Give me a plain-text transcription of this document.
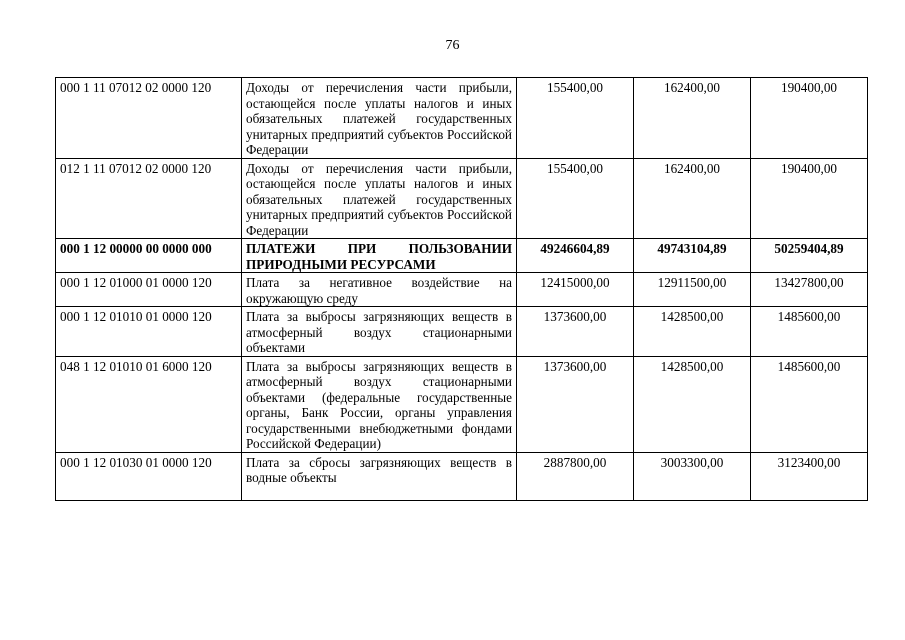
76
000 1 11 07012 02 0000 120	Доходы от перечисления части прибыли, остающейся после уплаты налогов и иных обязательных платежей государственных унитарных предприятий субъектов Российской Федерации	155400,00	162400,00	190400,00
012 1 11 07012 02 0000 120	Доходы от перечисления части прибыли, остающейся после уплаты налогов и иных обязательных платежей государственных унитарных предприятий субъектов Российской Федерации	155400,00	162400,00	190400,00
000 1 12 00000 00 0000 000	ПЛАТЕЖИ ПРИ ПОЛЬЗОВАНИИ ПРИРОДНЫМИ РЕСУРСАМИ	49246604,89	49743104,89	50259404,89
000 1 12 01000 01 0000 120	Плата за негативное воздействие на окружающую среду	12415000,00	12911500,00	13427800,00
000 1 12 01010 01 0000 120	Плата за выбросы загрязняющих веществ в атмосферный воздух стационарными объектами	1373600,00	1428500,00	1485600,00
048 1 12 01010 01 6000 120	Плата за выбросы загрязняющих веществ в атмосферный воздух стационарными объектами (федеральные государственные органы, Банк России, органы управления государственными внебюджетными фондами Российской Федерации)	1373600,00	1428500,00	1485600,00
000 1 12 01030 01 0000 120	Плата за сбросы загрязняющих веществ в водные объекты	2887800,00	3003300,00	3123400,00
